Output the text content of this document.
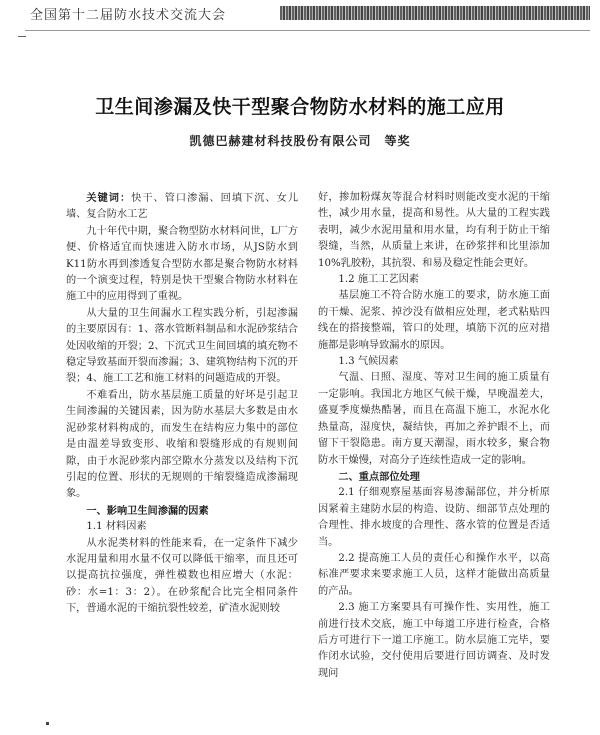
全国第十二届防水技术交流大会
卫生间渗漏及快干型聚合物防水材料的施工应用
凯德巴赫建材科技股份有限公司　等奖

关键词：快干、管口渗漏、回填下沉、女儿墙、复合防水工艺

九十年代中期，聚合物型防水材料问世，L厂方便、价格适宜而快速进入防水市场，从JS防水到K11防水再到渗透复合型防水都是聚合物防水材料的一个演变过程，特别是快干型聚合物防水材料在施工中的应用得到了重视。

从大量的卫生间漏水工程实践分析，引起渗漏的主要原因有：1、落水管断料制品和水泥砂浆结合处因收缩的开裂；2、下沉式卫生间回填的填充物不稳定导致基面开裂而渗漏；3、建筑物结构下沉的开裂；4、施工工艺和施工材料的问题造成的开裂。

不难看出，防水基层施工质量的好坏是引起卫生间渗漏的关键因素，因为防水基层大多数是由水泥砂浆材料构成的，而发生在结构应力集中的部位是由温差导致变形、收缩和裂缝形成的有规则间隙，由于水泥砂浆内部空隙水分蒸发以及结构下沉引起的位置、形状的无规则的干缩裂缝造成渗漏现象。

一、影响卫生间渗漏的因素

1.1 材料因素

从水泥类材料的性能来看，在一定条件下减少水泥用量和用水量不仅可以降低干缩率，而且还可以提高抗拉强度，弹性模数也相应增大（水泥：砂：水=1：3：2）。在砂浆配合比完全相同条件下，普通水泥的干缩抗裂性较差，矿渣水泥则较

好，掺加粉煤灰等混合材料时则能改变水泥的干缩性，减少用水量，提高和易性。从大量的工程实践表明，减少水泥用量和用水量，均有利于防止干缩裂缝，当然，从质量上来讲，在砂浆拌和比里添加10%乳胶粉，其抗裂、和易及稳定性能会更好。

1.2 施工工艺因素

基层施工不符合防水施工的要求，防水施工面的干燥、泥浆、掉沙没有做相应处理，老式粘贴四线在的搭接整端，管口的处理，填筋下沉的应对措施都是影响导致漏水的原因。

1.3 气候因素

气温、日照、湿度、等对卫生间的施工质量有一定影响。我国北方地区气候干燥，早晚温差大，盛夏季度燥热酷暑，而且在高温下施工，水泥水化热量高，湿度快，凝结快，再加之养护跟不上，而留下干裂隐患。南方夏天潮湿，雨水较多，聚合物防水干燥慢，对高分子连续性造成一定的影响。

二、重点部位处理

2.1 仔细观察屋基面容易渗漏部位，并分析原因紧着主建防水层的构造、设防、细部节点处理的合理性、排水坡度的合理性、落水管的位置是否适当。

2.2 提高施工人员的责任心和操作水平，以高标准严要求来要求施工人员，这样才能做出高质量的产品。

2.3 施工方案要具有可操作性、实用性，施工前进行技术交底，施工中每道工序进行检查，合格后方可进行下一道工序施工。防水层施工完毕，要作闭水试验，交付使用后要进行回访调查、及时发现问
